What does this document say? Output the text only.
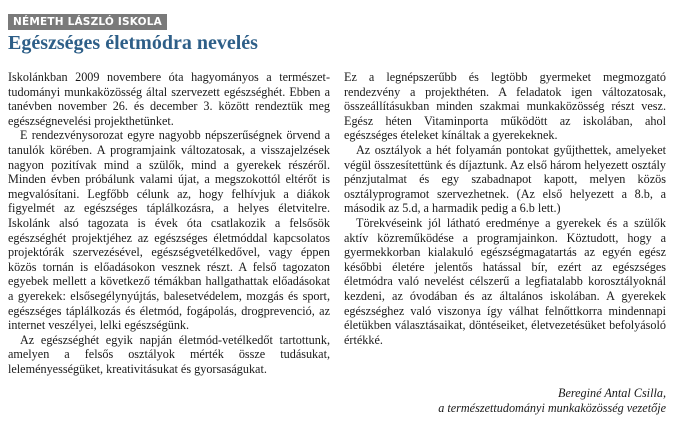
NÉMETH LÁSZLÓ ISKOLA
Egészséges életmódra nevelés

Iskolánkban 2009 novembere óta hagyományos a természettudományi munkaközösség által szervezett egészséghét. Ebben a tanévben november 26. és december 3. között rendeztük meg egészségnevelési projekthetünket.

E rendezvénysorozat egyre nagyobb népszerűségnek örvend a tanulók körében. A programjaink változatosak, a visszajelzések nagyon pozitívak mind a szülők, mind a gyerekek részéről. Minden évben próbálunk valami újat, a megszokottól eltérőt is megvalósítani. Legfőbb célunk az, hogy felhívjuk a diákok figyelmét az egészséges táplálkozásra, a helyes életvitelre. Iskolánk alsó tagozata is évek óta csatlakozik a felsősök egészséghét projektjéhez az egészséges életmóddal kapcsolatos projektórák szervezésével, egészségvetélkedővel, vagy éppen közös tornán is előadásokon vesznek részt. A felső tagozaton egyebek mellett a következő témákban hallgathattak előadásokat a gyerekek: elsősegélynyújtás, balesetvédelem, mozgás és sport, egészséges táplálkozás és életmód, fogápolás, drogprevenció, az internet veszélyei, lelki egészségünk.

Az egészséghét egyik napján életmód-vetélkedőt tartottunk, amelyen a felsős osztályok mérték össze tudásukat, leleményességüket, kreativitásukat és gyorsaságukat.

Ez a legnépszerűbb és legtöbb gyermeket megmozgató rendezvény a projekthéten. A feladatok igen változatosak, összeállításukban minden szakmai munkaközösség részt vesz. Egész héten Vitaminporta működött az iskolában, ahol egészséges ételeket kínáltak a gyerekeknek.

Az osztályok a hét folyamán pontokat gyűjthettek, amelyeket végül összesítettünk és díjaztunk. Az első három helyezett osztály pénzjutalmat és egy szabadnapot kapott, melyen közös osztályprogramot szervezhetnek. (Az első helyezett a 8.b, a második az 5.d, a harmadik pedig a 6.b lett.)

Törekvéseink jól látható eredménye a gyerekek és a szülők aktív közreműködése a programjainkon. Köztudott, hogy a gyermekkorban kialakuló egészségmagatartás az egyén egész későbbi életére jelentős hatással bír, ezért az egészséges életmódra való nevelést célszerű a legfiatalabb korosztályoknál kezdeni, az óvodában és az általános iskolában. A gyerekek egészséghez való viszonya így válhat felnőttkorra mindennapi életükben választásaikat, döntéseiket, életvezetésüket befolyásoló értékké.

Bereginé Antal Csilla,
a természettudományi munkaközösség vezetője
